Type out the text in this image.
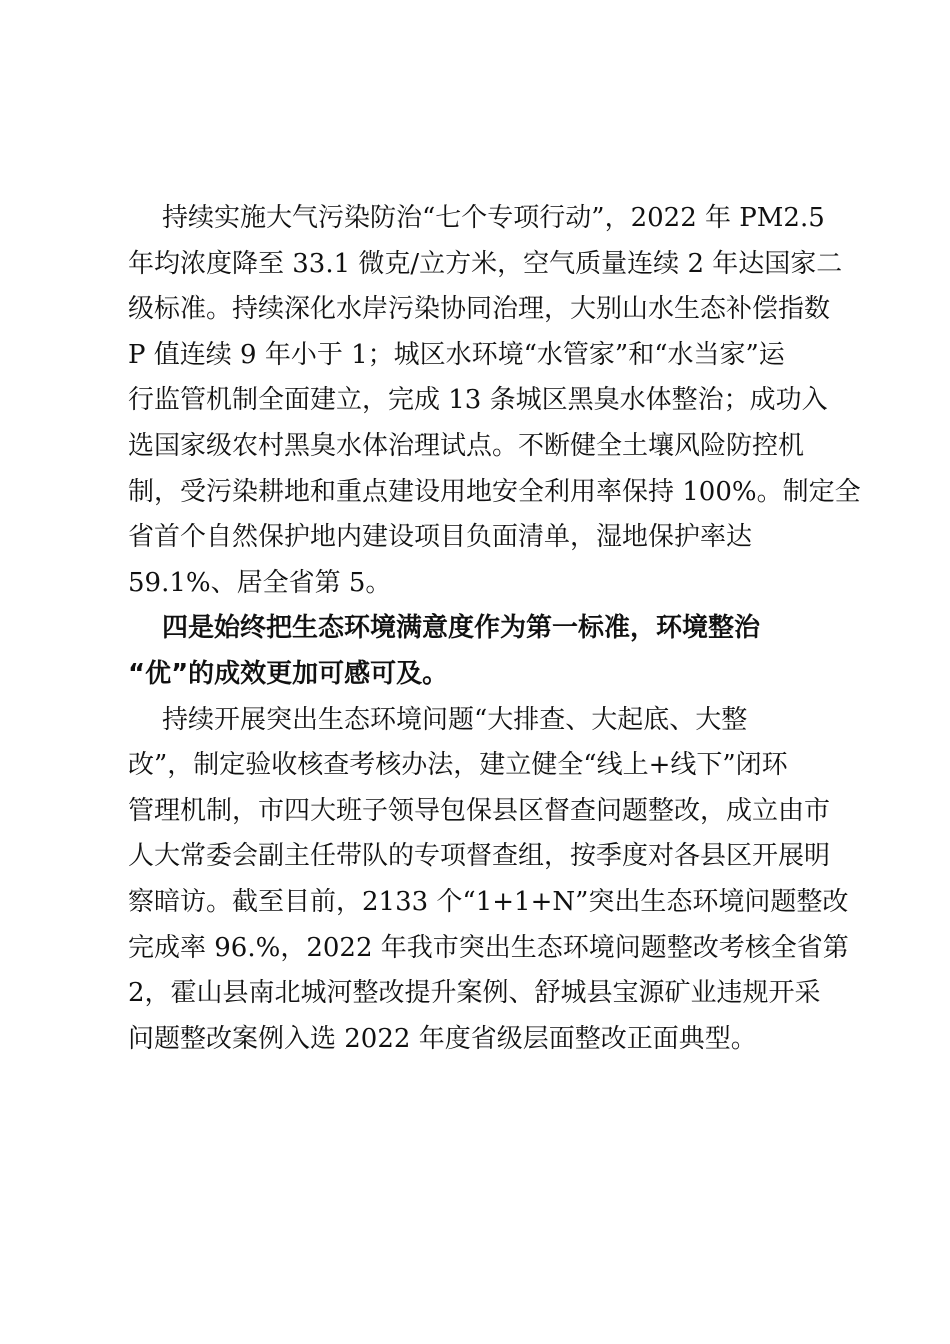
持续实施大气污染防治“七个专项行动”，2022 年 PM2.5
年均浓度降至 33.1 微克/立方米，空气质量连续 2 年达国家二
级标准。持续深化水岸污染协同治理，大别山水生态补偿指数
P 值连续 9 年小于 1；城区水环境“水管家”和“水当家”运
行监管机制全面建立，完成 13 条城区黑臭水体整治；成功入
选国家级农村黑臭水体治理试点。不断健全土壤风险防控机
制，受污染耕地和重点建设用地安全利用率保持 100%。制定全
省首个自然保护地内建设项目负面清单，湿地保护率达
59.1%、居全省第 5。
四是始终把生态环境满意度作为第一标准，环境整治
“优”的成效更加可感可及。
持续开展突出生态环境问题“大排查、大起底、大整
改”，制定验收核查考核办法，建立健全“线上+线下”闭环
管理机制，市四大班子领导包保县区督查问题整改，成立由市
人大常委会副主任带队的专项督查组，按季度对各县区开展明
察暗访。截至目前，2133 个“1+1+N”突出生态环境问题整改
完成率 96.%，2022 年我市突出生态环境问题整改考核全省第
2，霍山县南北城河整改提升案例、舒城县宝源矿业违规开采
问题整改案例入选 2022 年度省级层面整改正面典型。
